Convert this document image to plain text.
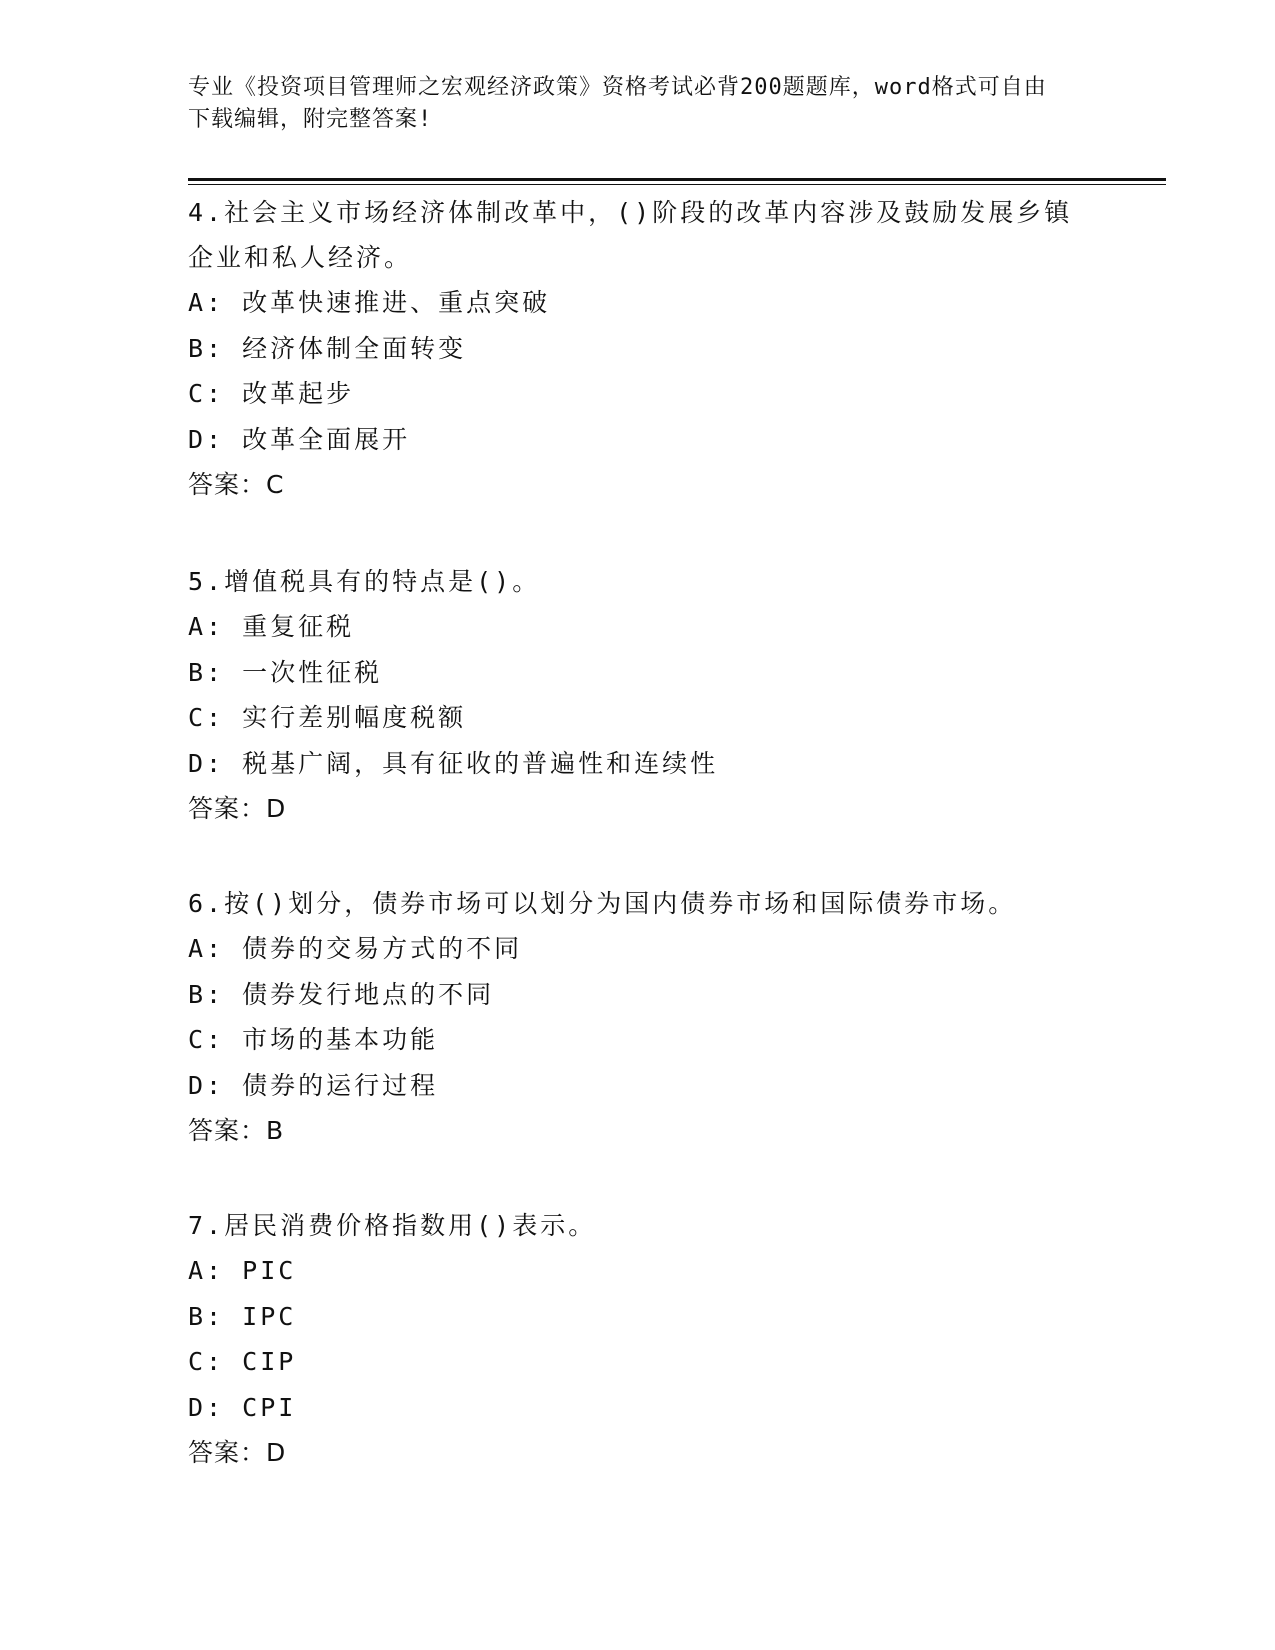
专业《投资项目管理师之宏观经济政策》资格考试必背200题题库，word格式可自由下载编辑，附完整答案!

4.社会主义市场经济体制改革中，()阶段的改革内容涉及鼓励发展乡镇企业和私人经济。

A: 改革快速推进、重点突破

B: 经济体制全面转变

C: 改革起步

D: 改革全面展开

答案：C

5.增值税具有的特点是()。

A: 重复征税

B: 一次性征税

C: 实行差别幅度税额

D: 税基广阔，具有征收的普遍性和连续性

答案：D

6.按()划分，债券市场可以划分为国内债券市场和国际债券市场。

A: 债券的交易方式的不同

B: 债券发行地点的不同

C: 市场的基本功能

D: 债券的运行过程

答案：B

7.居民消费价格指数用()表示。

A: PIC

B: IPC

C: CIP

D: CPI

答案：D
